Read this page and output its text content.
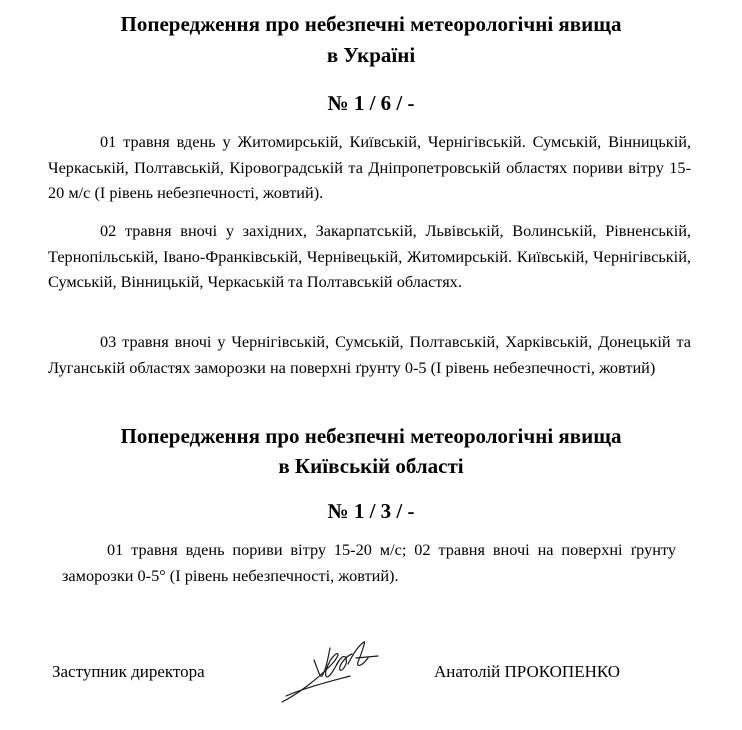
Попередження про небезпечні метеорологічні явища
в Україні
№ 1 / 6 / -

01 травня вдень у Житомирській, Київській, Чернігівській. Сумській, Вінницькій, Черкаській, Полтавській, Кіровоградській та Дніпропетровській областях пориви вітру 15-20 м/с (І рівень небезпечності, жовтий).

02 травня вночі у західних, Закарпатській, Львівській, Волинській, Рівненській, Тернопільській, Івано-Франківській, Чернівецькій, Житомирській. Київській, Чернігівській, Сумській, Вінницькій, Черкаській та Полтавській областях.

03 травня вночі у Чернігівській, Сумській, Полтавській, Харківській, Донецькій та Луганській областях заморозки на поверхні ґрунту 0-5 (І рівень небезпечності, жовтий)

Попередження про небезпечні метеорологічні явища
в Київській області
№ 1 / 3 / -

01 травня вдень пориви вітру 15-20 м/с; 02 травня вночі на поверхні ґрунту заморозки 0-5° (І рівень небезпечності, жовтий).

Заступник директора	Анатолій ПРОКОПЕНКО
